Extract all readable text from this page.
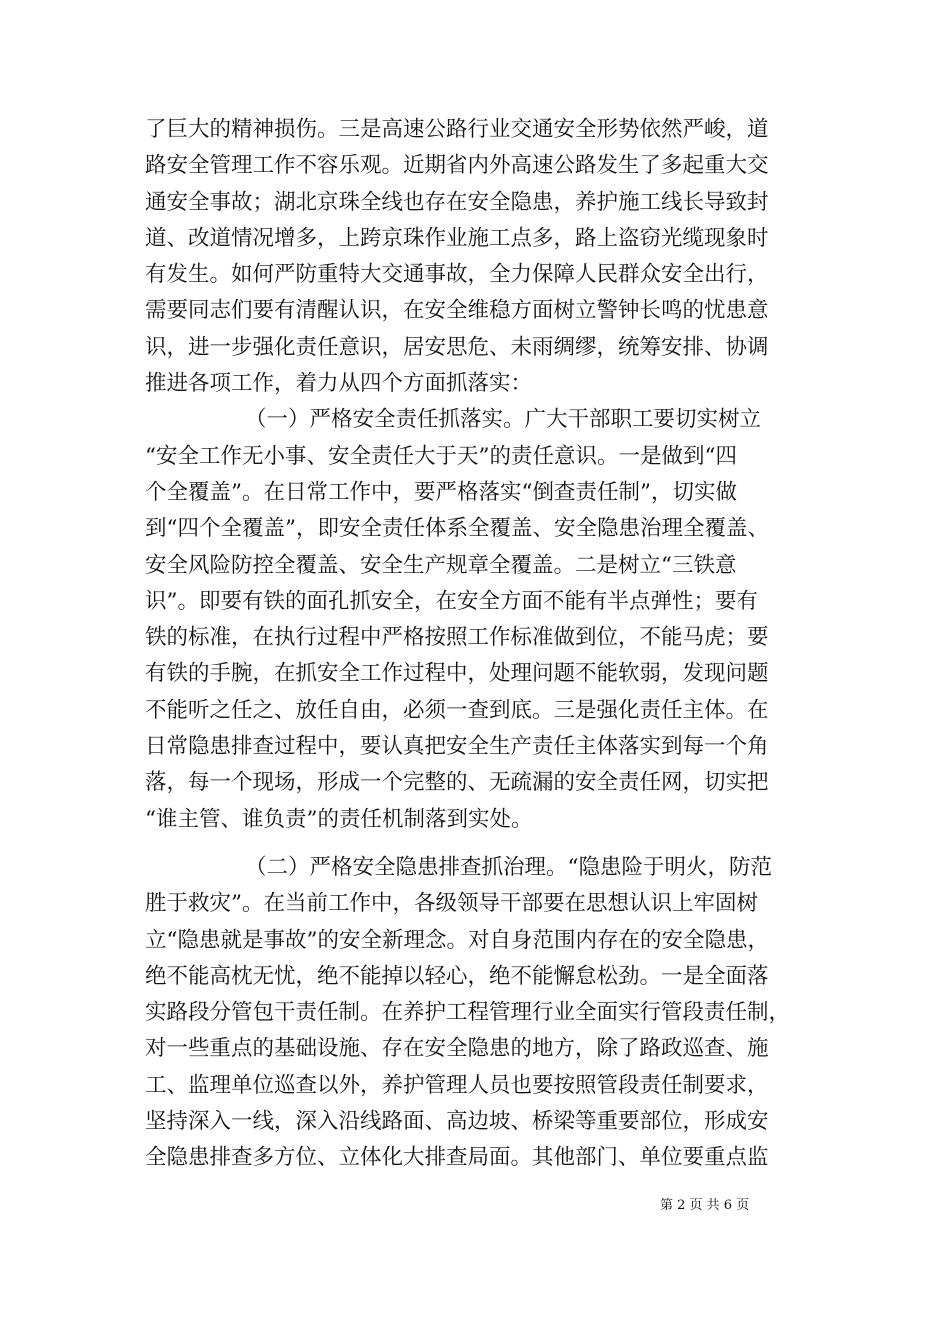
了巨大的精神损伤。三是高速公路行业交通安全形势依然严峻，道
路安全管理工作不容乐观。近期省内外高速公路发生了多起重大交
通安全事故；湖北京珠全线也存在安全隐患，养护施工线长导致封
道、改道情况增多，上跨京珠作业施工点多，路上盗窃光缆现象时
有发生。如何严防重特大交通事故，全力保障人民群众安全出行，
需要同志们要有清醒认识，在安全维稳方面树立警钟长鸣的忧患意
识，进一步强化责任意识，居安思危、未雨绸缪，统筹安排、协调
推进各项工作，着力从四个方面抓落实：
（一）严格安全责任抓落实。广大干部职工要切实树立
“安全工作无小事、安全责任大于天”的责任意识。一是做到“四
个全覆盖”。在日常工作中，要严格落实“倒查责任制”，切实做
到“四个全覆盖”，即安全责任体系全覆盖、安全隐患治理全覆盖、
安全风险防控全覆盖、安全生产规章全覆盖。二是树立“三铁意
识”。即要有铁的面孔抓安全，在安全方面不能有半点弹性；要有
铁的标准，在执行过程中严格按照工作标准做到位，不能马虎；要
有铁的手腕，在抓安全工作过程中，处理问题不能软弱，发现问题
不能听之任之、放任自由，必须一查到底。三是强化责任主体。在
日常隐患排查过程中，要认真把安全生产责任主体落实到每一个角
落，每一个现场，形成一个完整的、无疏漏的安全责任网，切实把
“谁主管、谁负责”的责任机制落到实处。
（二）严格安全隐患排查抓治理。“隐患险于明火，防范
胜于救灾”。在当前工作中，各级领导干部要在思想认识上牢固树
立“隐患就是事故”的安全新理念。对自身范围内存在的安全隐患，
绝不能高枕无忧，绝不能掉以轻心，绝不能懈怠松劲。一是全面落
实路段分管包干责任制。在养护工程管理行业全面实行管段责任制，
对一些重点的基础设施、存在安全隐患的地方，除了路政巡查、施
工、监理单位巡查以外，养护管理人员也要按照管段责任制要求，
坚持深入一线，深入沿线路面、高边坡、桥梁等重要部位，形成安
全隐患排查多方位、立体化大排查局面。其他部门、单位要重点监
第 2 页 共 6 页
